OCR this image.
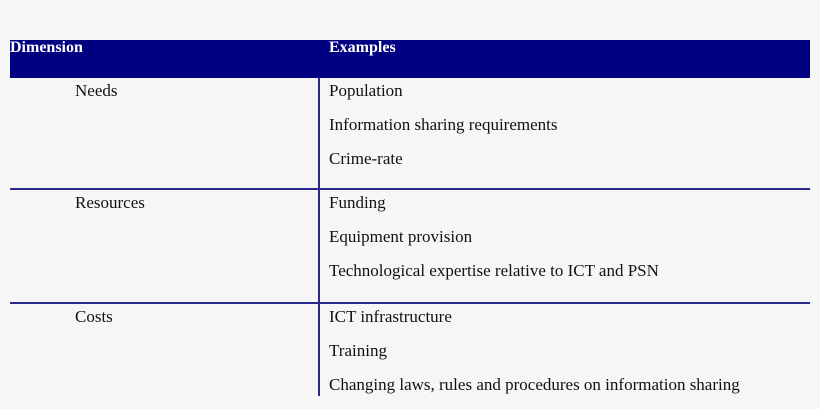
Dimension	Examples
Needs	Population
Information sharing requirements
Crime-rate
Resources	Funding
Equipment provision
Technological expertise relative to ICT and PSN
Costs	ICT infrastructure
Training
Changing laws, rules and procedures on information sharing
